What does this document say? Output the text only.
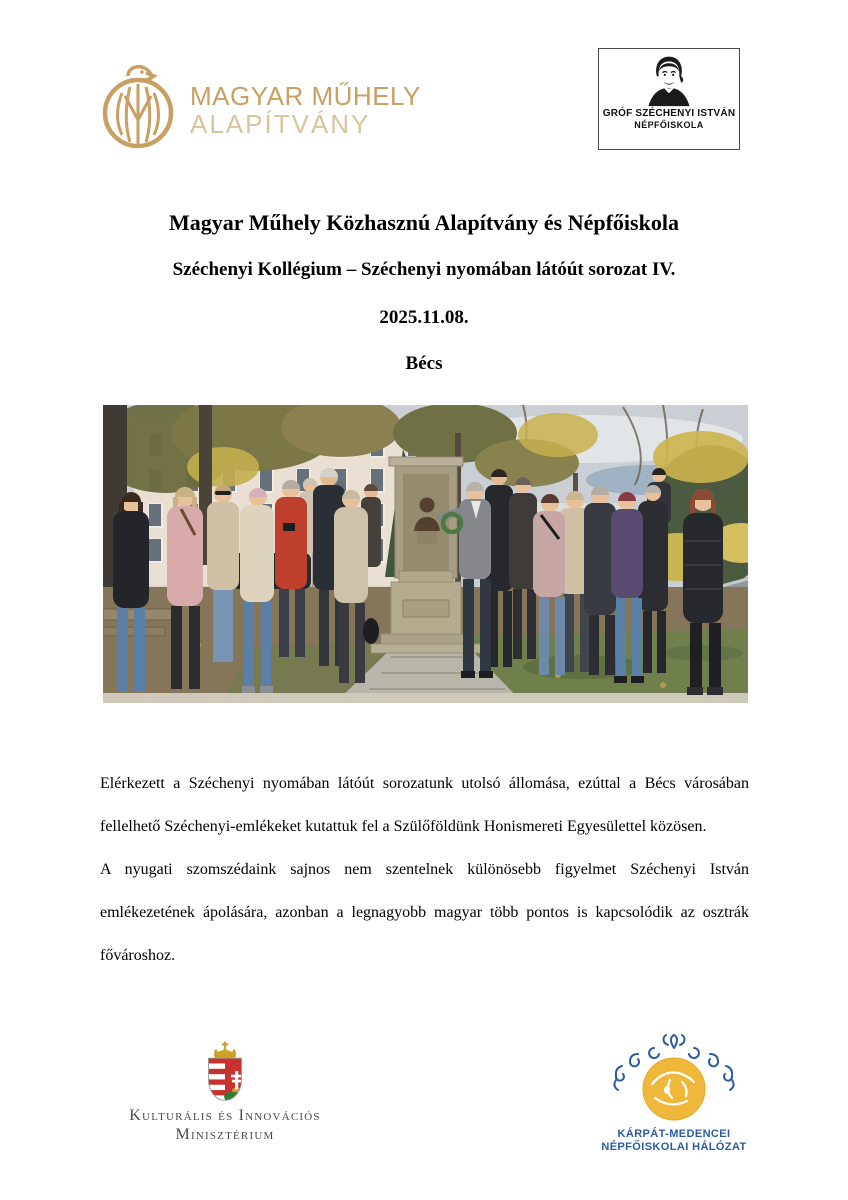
MAGYAR MŰHELY
ALAPÍTVÁNY	GRÓF SZÉCHENYI ISTVÁN
NÉPFŐISKOLA
Magyar Műhely Közhasznú Alapítvány és Népfőiskola
Széchenyi Kollégium – Széchenyi nyomában látóút sorozat IV.
2025.11.08.
Bécs

Elérkezett a Széchenyi nyomában látóút sorozatunk utolsó állomása, ezúttal a Bécs városában fellelhető Széchenyi-emlékeket kutattuk fel a Szülőföldünk Honismereti Egyesülettel közösen.

A nyugati szomszédaink sajnos nem szentelnek különösebb figyelmet Széchenyi István emlékezetének ápolására, azonban a legnagyobb magyar több pontos is kapcsolódik az osztrák fővároshoz.

Kulturális és Innovációs
Minisztérium	KÁRPÁT-MEDENCEI
NÉPFŐISKOLAI HÁLÓZAT
